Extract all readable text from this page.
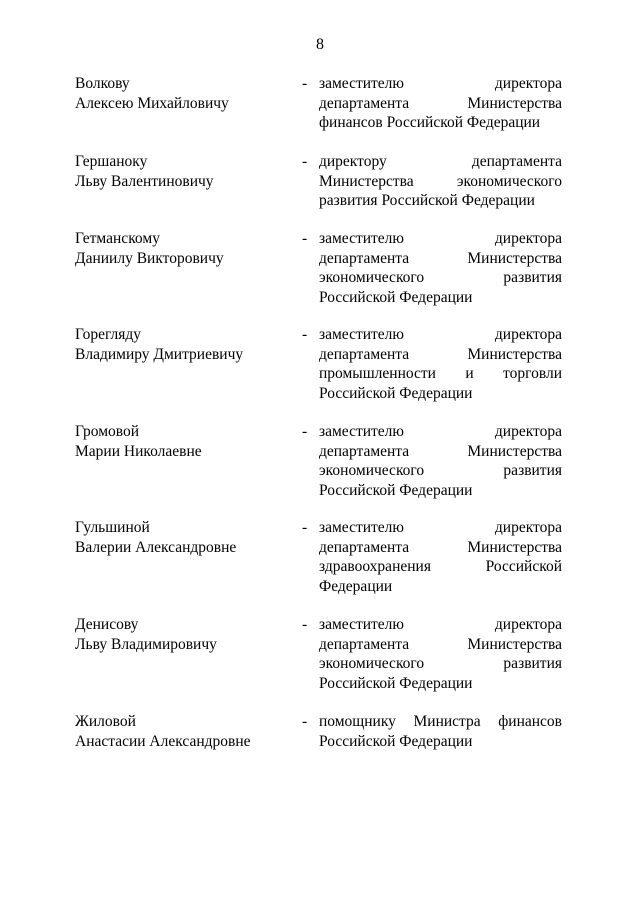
8
Волкову
Алексею Михайловичу
- заместителю директора
департамента Министерства
финансов Российской Федерации
Гершаноку
Льву Валентиновичу
- директору департамента
Министерства экономического
развития Российской Федерации
Гетманскому
Даниилу Викторовичу
- заместителю директора
департамента Министерства
экономического развития
Российской Федерации
Горегляду
Владимиру Дмитриевичу
- заместителю директора
департамента Министерства
промышленности и торговли
Российской Федерации
Громовой
Марии Николаевне
- заместителю директора
департамента Министерства
экономического развития
Российской Федерации
Гульшиной
Валерии Александровне
- заместителю директора
департамента Министерства
здравоохранения Российской
Федерации
Денисову
Льву Владимировичу
- заместителю директора
департамента Министерства
экономического развития
Российской Федерации
Жиловой
Анастасии Александровне
- помощнику Министра финансов
Российской Федерации
